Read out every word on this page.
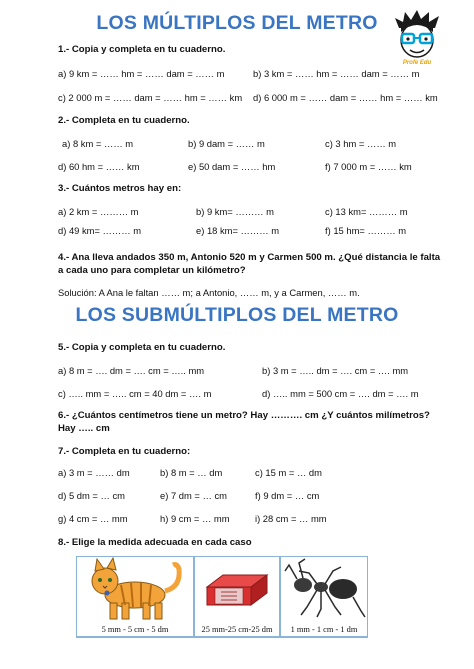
Profe Edu
LOS MÚLTIPLOS DEL METRO
1.- Copia y completa en tu cuaderno.
a) 9 km = …… hm = …… dam = …… m	b) 3 km = …… hm = …… dam = …… m
c) 2 000 m = …… dam = …… hm = …… km d) 6 000 m = …… dam = …… hm = …… km
2.- Completa en tu cuaderno.
a) 8 km = …… m	b) 9 dam = …… m	c) 3 hm = …… m
d) 60 hm = …… km	e) 50 dam = …… hm	f) 7 000 m = …… km
3.- Cuántos metros hay en:
a) 2 km = ……… m	b) 9 km= ……… m	c) 13 km= ……… m
d) 49 km= ……… m	e) 18 km= ……… m	f) 15 hm= ……… m
4.- Ana lleva andados 350 m, Antonio 520 m y Carmen 500 m. ¿Qué distancia le falta
a cada uno para completar un kilómetro?
Solución: A Ana le faltan …… m; a Antonio, …… m, y a Carmen, …… m.
LOS SUBMÚLTIPLOS DEL METRO
5.- Copia y completa en tu cuaderno.
a) 8 m = …. dm = …. cm = ….. mm	b) 3 m = ….. dm = …. cm = …. mm
c) ….. mm = ….. cm = 40 dm = …. m	d) ….. mm = 500 cm = …. dm = …. m
6.- ¿Cuántos centímetros tiene un metro? Hay ………. cm ¿Y cuántos milímetros?
Hay ….. cm
7.- Completa en tu cuaderno:
a) 3 m = …… dm	b) 8 m = … dm	c) 15 m = … dm
d) 5 dm = … cm	e) 7 dm = … cm	f) 9 dm = … cm
g) 4 cm = … mm	h) 9 cm = … mm	i) 28 cm = … mm
8.- Elige la medida adecuada en cada caso
5 mm - 5 cm - 5 dm	25 mm-25 cm-25 dm	1 mm - 1 cm - 1 dm
